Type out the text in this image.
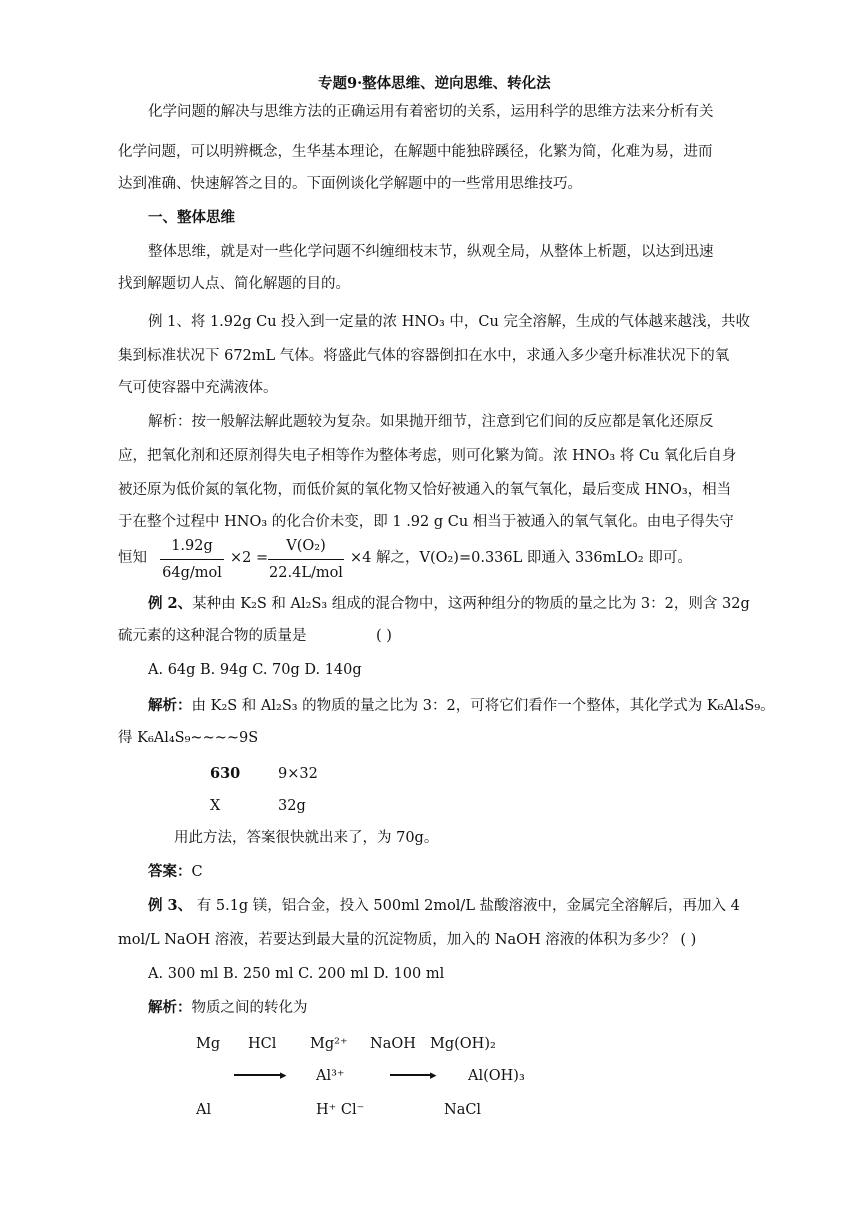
专题9·整体思维、逆向思维、转化法
化学问题的解决与思维方法的正确运用有着密切的关系，运用科学的思维方法来分析有关
化学问题，可以明辨概念，生华基本理论，在解题中能独辟蹊径，化繁为简，化难为易，进而
达到准确、快速解答之目的。下面例谈化学解题中的一些常用思维技巧。
一、整体思维
整体思维，就是对一些化学问题不纠缠细枝末节，纵观全局，从整体上析题，以达到迅速
找到解题切人点、简化解题的目的。
例 1、将 1.92g Cu 投入到一定量的浓 HNO₃ 中，Cu 完全溶解，生成的气体越来越浅，共收
集到标准状况下 672mL 气体。将盛此气体的容器倒扣在水中，求通入多少毫升标准状况下的氧
气可使容器中充满液体。
解析：按一般解法解此题较为复杂。如果抛开细节，注意到它们间的反应都是氧化还原反
应，把氧化剂和还原剂得失电子相等作为整体考虑，则可化繁为简。浓 HNO₃ 将 Cu 氧化后自身
被还原为低价氮的氧化物，而低价氮的氧化物又恰好被通入的氧气氧化，最后变成 HNO₃，相当
于在整个过程中 HNO₃ 的化合价未变，即 1 .92 g Cu 相当于被通入的氧气氧化。由电子得失守
恒知
1.92g
64g/mol
×2 =
V(O₂)
22.4L/mol
×4 解之，V(O₂)=0.336L 即通入 336mLO₂ 即可。
例 2、某种由 K₂S 和 Al₂S₃ 组成的混合物中，这两种组分的物质的量之比为 3：2，则含 32g
硫元素的这种混合物的质量是	( )
A. 64g B. 94g C. 70g D. 140g
解析：由 K₂S 和 Al₂S₃ 的物质的量之比为 3：2，可将它们看作一个整体，其化学式为 K₆Al₄S₉。
得 K₆Al₄S₉~~~~9S
630	9×32
X	32g
用此方法，答案很快就出来了，为 70g。
答案：C
例 3、 有 5.1g 镁，铝合金，投入 500ml 2mol/L 盐酸溶液中，金属完全溶解后，再加入 4
mol/L NaOH 溶液，若要达到最大量的沉淀物质，加入的 NaOH 溶液的体积为多少？ ( )
A. 300 ml B. 250 ml C. 200 ml D. 100 ml
解析：物质之间的转化为
Mg HCl Mg²⁺ NaOH Mg(OH)₂
▸ Al³⁺	▸ Al(OH)₃
Al	H⁺ Cl⁻	NaCl
